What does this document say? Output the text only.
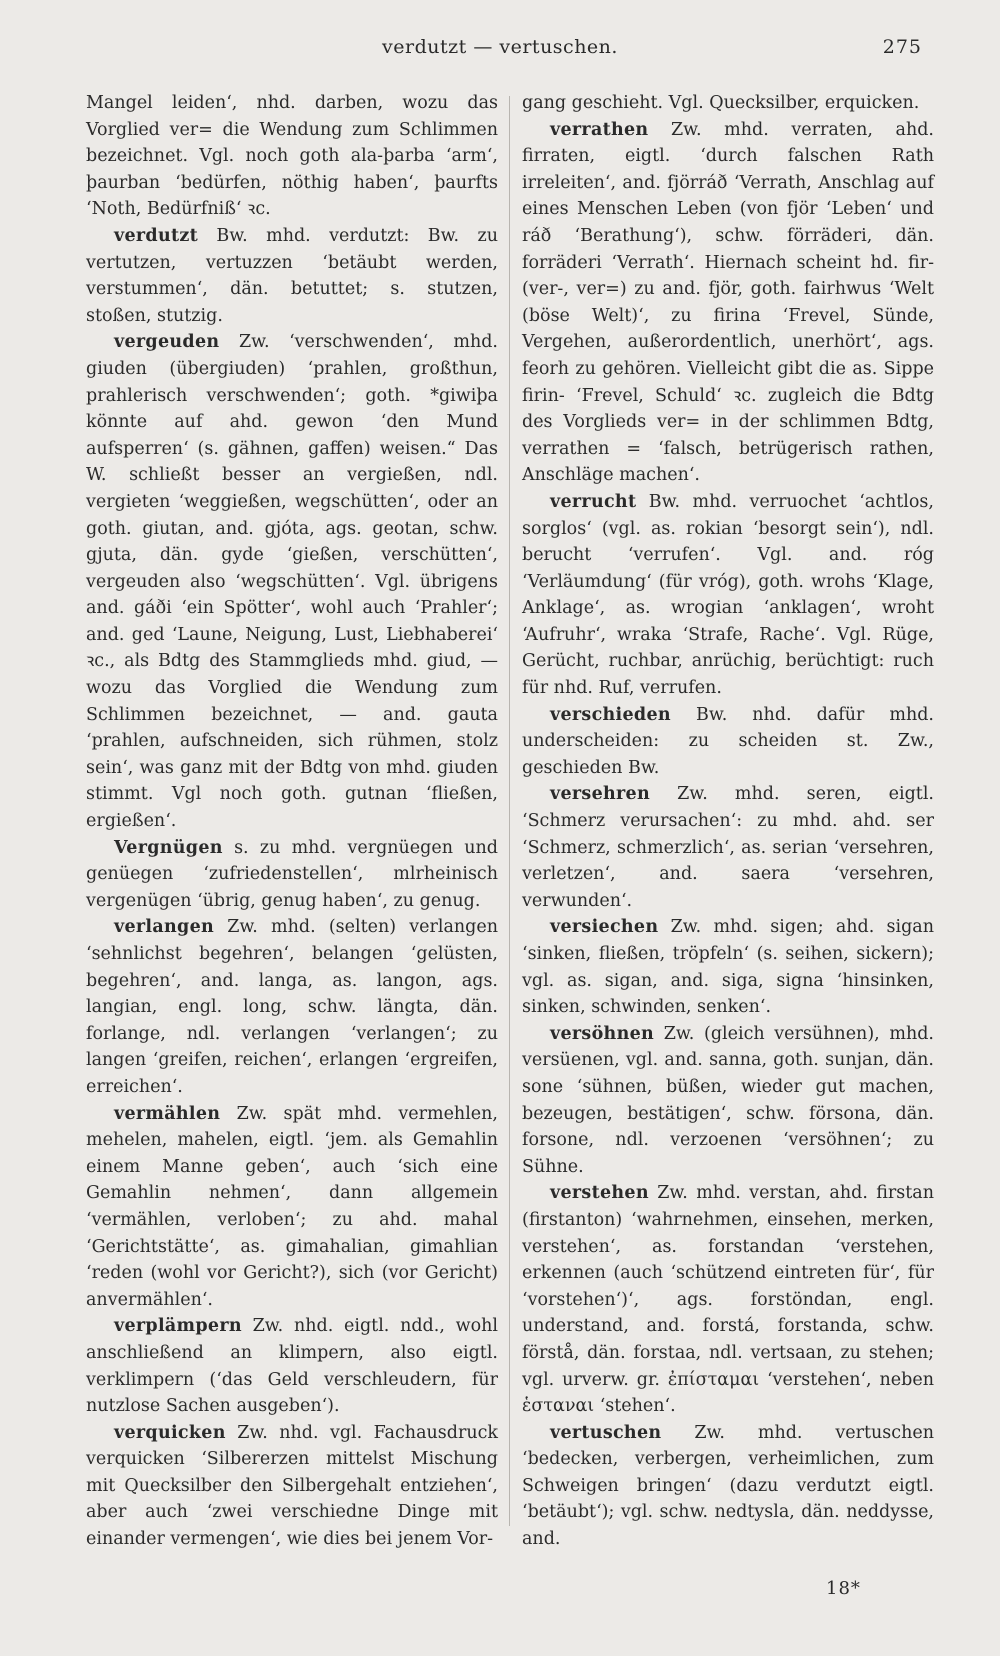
verdutzt — vertuschen.	275

Mangel leiden‘, nhd. darben, wozu das Vorglied ver= die Wendung zum Schlimmen bezeichnet. Vgl. noch goth ala-þarba ‘arm‘, þaurban ‘bedürfen, nöthig haben‘, þaurfts ‘Noth, Bedürfniß‘ ꝛc.

verdutzt Bw. mhd. verdutzt: Bw. zu vertutzen, vertuzzen ‘betäubt werden, verstummen‘, dän. betuttet; s. stutzen, stoßen, stutzig.

vergeuden Zw. ‘verschwenden‘, mhd. giuden (übergiuden) ‘prahlen, großthun, prahlerisch verschwenden‘; goth. *giwiþa könnte auf ahd. gewon ‘den Mund aufsperren‘ (s. gähnen, gaffen) weisen.“ Das W. schließt besser an vergießen, ndl. vergieten ‘weggießen, wegschütten‘, oder an goth. giutan, and. gjóta, ags. geotan, schw. gjuta, dän. gyde ‘gießen, verschütten‘, vergeuden also ‘wegschütten‘. Vgl. übrigens and. gáði ‘ein Spötter‘, wohl auch ‘Prahler‘; and. ged ‘Laune, Neigung, Lust, Liebhaberei‘ ꝛc., als Bdtg des Stammglieds mhd. giud, — wozu das Vorglied die Wendung zum Schlimmen bezeichnet, — and. gauta ‘prahlen, aufschneiden, sich rühmen, stolz sein‘, was ganz mit der Bdtg von mhd. giuden stimmt. Vgl noch goth. gutnan ‘fließen, ergießen‘.

Vergnügen s. zu mhd. vergnüegen und genüegen ‘zufriedenstellen‘, mlrheinisch vergenügen ‘übrig, genug haben‘, zu genug.

verlangen Zw. mhd. (selten) verlangen ‘sehnlichst begehren‘, belangen ‘gelüsten, begehren‘, and. langa, as. langon, ags. langian, engl. long, schw. längta, dän. forlange, ndl. verlangen ‘verlangen‘; zu langen ‘greifen, reichen‘, erlangen ‘ergreifen, erreichen‘.

vermählen Zw. spät mhd. vermehlen, mehelen, mahelen, eigtl. ‘jem. als Gemahlin einem Manne geben‘, auch ‘sich eine Gemahlin nehmen‘, dann allgemein ‘vermählen, verloben‘; zu ahd. mahal ‘Gerichtstätte‘, as. gimahalian, gimahlian ‘reden (wohl vor Gericht?), sich (vor Gericht) anvermählen‘.

verplämpern Zw. nhd. eigtl. ndd., wohl anschließend an klimpern, also eigtl. verklimpern (‘das Geld verschleudern, für nutzlose Sachen ausgeben‘).

verquicken Zw. nhd. vgl. Fachausdruck verquicken ‘Silbererzen mittelst Mischung mit Quecksilber den Silbergehalt entziehen‘, aber auch ‘zwei verschiedne Dinge mit einander vermengen‘, wie dies bei jenem Vor-

gang geschieht. Vgl. Quecksilber, erquicken.

verrathen Zw. mhd. verraten, ahd. firraten, eigtl. ‘durch falschen Rath irreleiten‘, and. fjörráð ‘Verrath, Anschlag auf eines Menschen Leben (von fjör ‘Leben‘ und ráð ‘Berathung‘), schw. förräderi, dän. forräderi ‘Verrath‘. Hiernach scheint hd. fir- (ver-, ver=) zu and. fjör, goth. fairhwus ‘Welt (böse Welt)‘, zu firina ‘Frevel, Sünde, Vergehen, außerordentlich, unerhört‘, ags. feorh zu gehören. Vielleicht gibt die as. Sippe firin- ‘Frevel, Schuld‘ ꝛc. zugleich die Bdtg des Vorglieds ver= in der schlimmen Bdtg, verrathen = ‘falsch, betrügerisch rathen, Anschläge machen‘.

verrucht Bw. mhd. verruochet ‘achtlos, sorglos‘ (vgl. as. rokian ‘besorgt sein‘), ndl. berucht ‘verrufen‘. Vgl. and. róg ‘Verläumdung‘ (für vróg), goth. wrohs ‘Klage, Anklage‘, as. wrogian ‘anklagen‘, wroht ‘Aufruhr‘, wraka ‘Strafe, Rache‘. Vgl. Rüge, Gerücht, ruchbar, anrüchig, berüchtigt: ruch für nhd. Ruf, verrufen.

verschieden Bw. nhd. dafür mhd. underscheiden: zu scheiden st. Zw., geschieden Bw.

versehren Zw. mhd. seren, eigtl. ‘Schmerz verursachen‘: zu mhd. ahd. ser ‘Schmerz, schmerzlich‘, as. serian ‘versehren, verletzen‘, and. saera ‘versehren, verwunden‘.

versiechen Zw. mhd. sigen; ahd. sigan ‘sinken, fließen, tröpfeln‘ (s. seihen, sickern); vgl. as. sigan, and. siga, signa ‘hinsinken, sinken, schwinden, senken‘.

versöhnen Zw. (gleich versühnen), mhd. versüenen, vgl. and. sanna, goth. sunjan, dän. sone ‘sühnen, büßen, wieder gut machen, bezeugen, bestätigen‘, schw. försona, dän. forsone, ndl. verzoenen ‘versöhnen‘; zu Sühne.

verstehen Zw. mhd. verstan, ahd. firstan (firstanton) ‘wahrnehmen, einsehen, merken, verstehen‘, as. forstandan ‘verstehen, erkennen (auch ‘schützend eintreten für‘, für ‘vorstehen‘)‘, ags. forstöndan, engl. understand, and. forstá, forstanda, schw. förstå, dän. forstaa, ndl. vertsaan, zu stehen; vgl. urverw. gr. ἐπίσταμαι ‘verstehen‘, neben ἑσταναι ‘stehen‘.

vertuschen Zw. mhd. vertuschen ‘bedecken, verbergen, verheimlichen, zum Schweigen bringen‘ (dazu verdutzt eigtl. ‘betäubt‘); vgl. schw. nedtysla, dän. neddysse, and.

18*
